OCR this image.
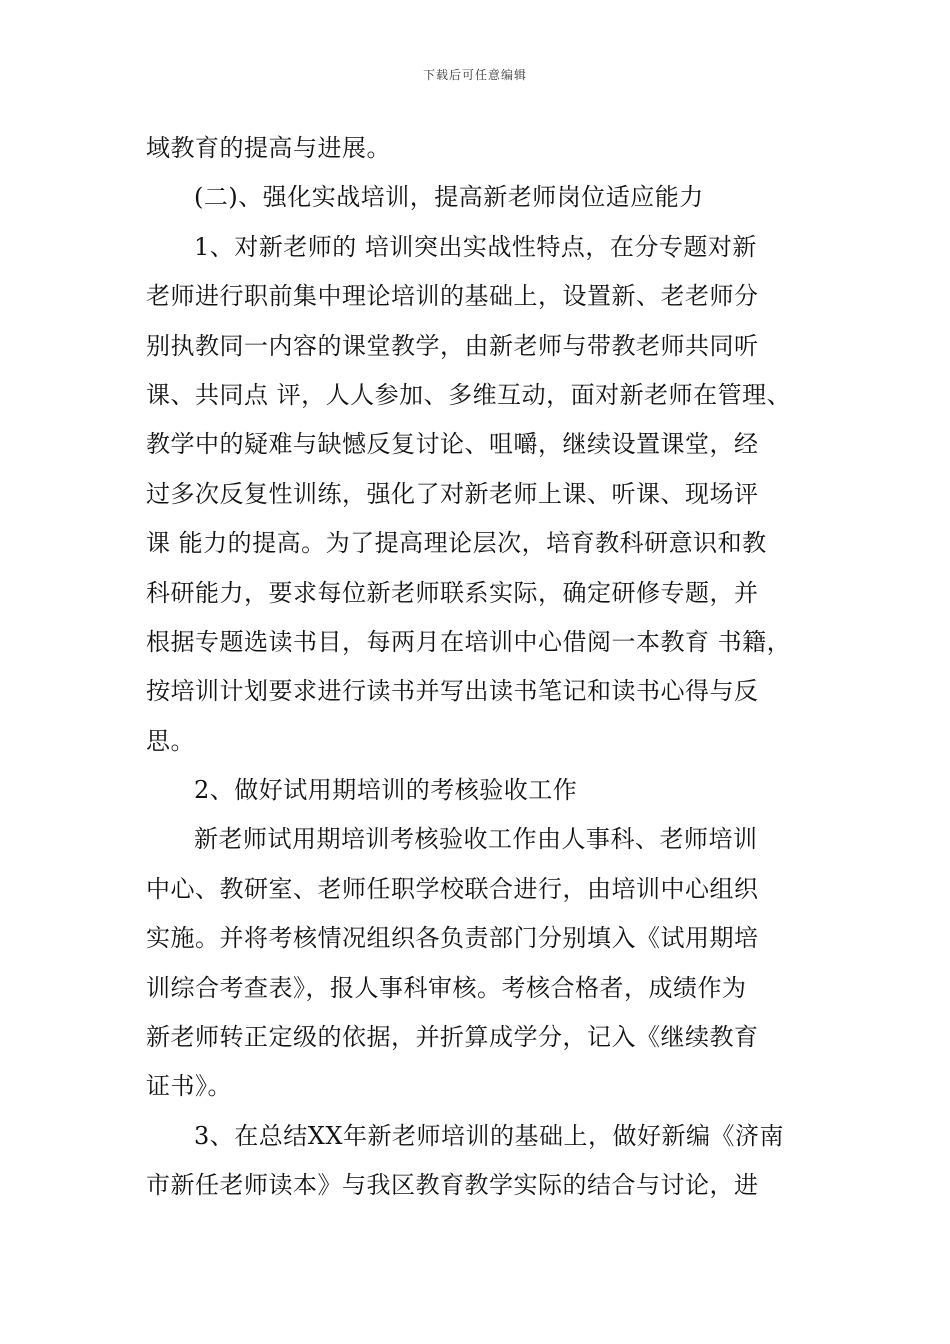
下载后可任意编辑
域教育的提高与进展。
(二)、强化实战培训，提高新老师岗位适应能力
1、对新老师的 培训突出实战性特点，在分专题对新
老师进行职前集中理论培训的基础上，设置新、老老师分
别执教同一内容的课堂教学，由新老师与带教老师共同听
课、共同点 评，人人参加、多维互动，面对新老师在管理、
教学中的疑难与缺憾反复讨论、咀嚼，继续设置课堂，经
过多次反复性训练，强化了对新老师上课、听课、现场评
课 能力的提高。为了提高理论层次，培育教科研意识和教
科研能力，要求每位新老师联系实际，确定研修专题，并
根据专题选读书目，每两月在培训中心借阅一本教育 书籍，
按培训计划要求进行读书并写出读书笔记和读书心得与反
思。
2、做好试用期培训的考核验收工作
新老师试用期培训考核验收工作由人事科、老师培训
中心、教研室、老师任职学校联合进行，由培训中心组织
实施。并将考核情况组织各负责部门分别填入《试用期培
训综合考查表》，报人事科审核。考核合格者，成绩作为
新老师转正定级的依据，并折算成学分，记入《继续教育
证书》。
3、在总结XX年新老师培训的基础上，做好新编《济南
市新任老师读本》与我区教育教学实际的结合与讨论，进
